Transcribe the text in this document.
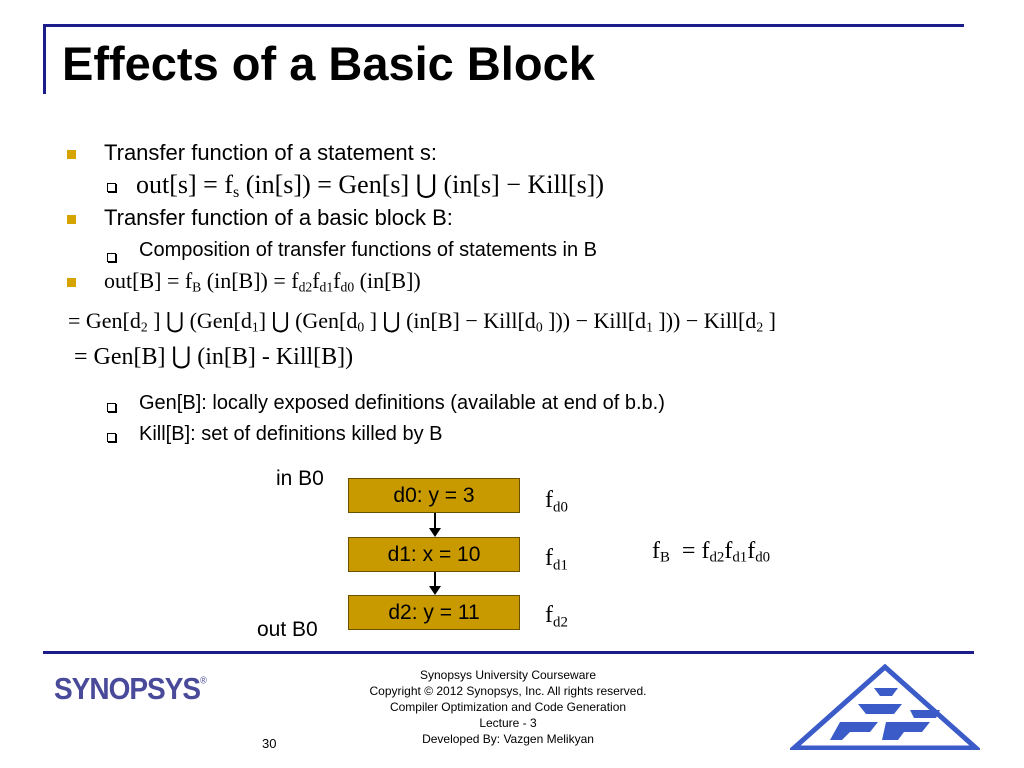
Effects of a Basic Block
Transfer function of a statement s:
$out[s] = f_s$ (in[s]) = Gen[s] ⋃ (in[s] − Kill[s])
Transfer function of a basic block B:
Composition of transfer functions of statements in B
$out[B] = f_B$ $(in[B]) = f_{d2}f_{d1}f_{d0}$ (in[B])
= $Gen[d_2$ ] ⋃ ($Gen[d_1]$ ⋃ ($Gen[d_0$ ] ⋃ ($in[B] - Kill[d_0$ ])) − $Kill[d_1$ ])) − $Kill[d_2$ ]
= Gen[B] ⋃ (in[B] - Kill[B])
Gen[B]: locally exposed definitions (available at end of b.b.)
Kill[B]: set of definitions killed by B
in B0
out B0
d0: y = 3
d1: x = 10
d2: y = 11
$f_{d0}$
$f_{d1}$
$f_{d2}$
$f_B = f_{d2}f_{d1}f_{d0}$
SYNOPSYS®	Synopsys University Courseware
Copyright © 2012 Synopsys, Inc. All rights reserved.
Compiler Optimization and Code Generation
Lecture - 3
Developed By: Vazgen Melikyan
30
